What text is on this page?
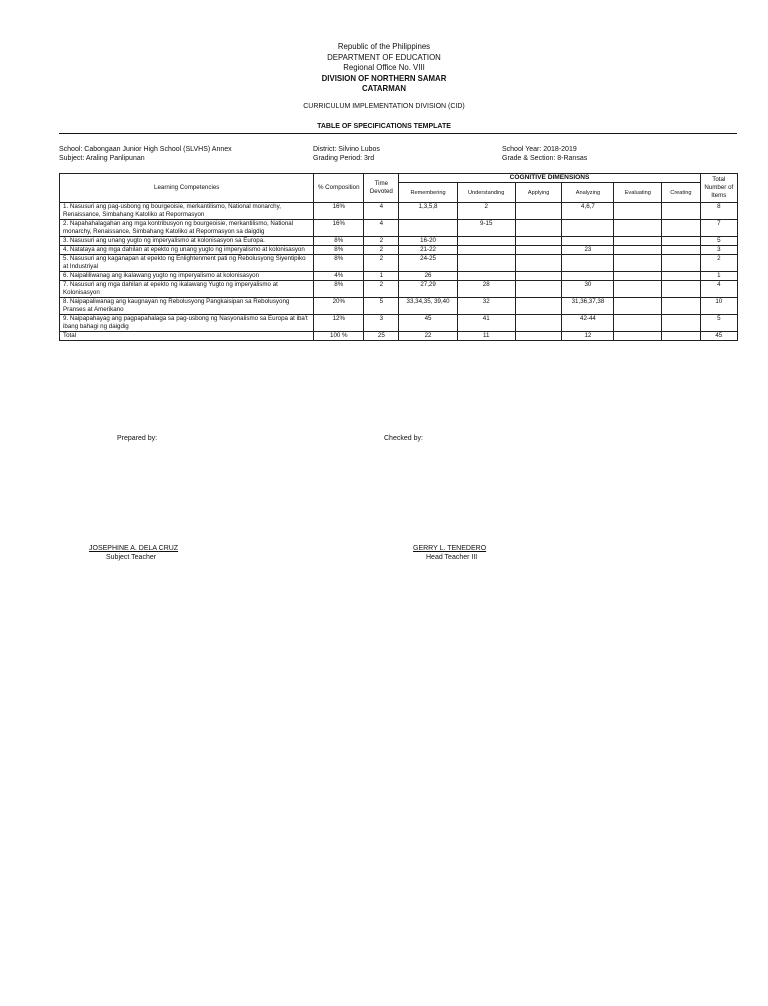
Republic of the Philippines
DEPARTMENT OF EDUCATION
Regional Office No. VIII
DIVISION OF NORTHERN SAMAR
CATARMAN
CURRICULUM IMPLEMENTATION DIVISION (CID)
TABLE OF SPECIFICATIONS TEMPLATE
School: Cabongaan Junior High School (SLVHS) Annex
Subject: Araling Panlipunan
District: Silvino Lubos
Grading Period: 3rd
School Year: 2018-2019
Grade & Section: 8-Ransas
Learning Competencies	% Composition	Time Devoted	COGNITIVE DIMENSIONS						Total Number of Items
			Remembering	Understanding	Applying	Analyzing	Evaluating	Creating	
1. Nasusuri ang pag-usbong ng bourgeoisie, merkantilismo, National monarchy, Renaissance, Simbahang Katoliko at Repormasyon	16%	4	1,3,5,8	2		4,6,7			8
2. Napahahalagahan ang mga kontribusyon ng bourgeoisie, merkantilismo, National monarchy, Renaissance, Simbahang Katoliko at Repormasyon sa daigdig	16%	4		9-15					7
3. Nasusuri ang unang yugto ng imperyalismo at kolonisasyon sa Europa.	8%	2	16-20						5
4. Natataya ang mga dahilan at epekto ng unang yugto ng imperyalismo at kolonisasyon	8%	2	21-22			23			3
5. Nasusuri ang kaganapan at epekto ng Enlightenment pati ng Rebolusyong Siyentipiko at Industriyal	8%	2	24-25						2
6. Naipaliliwanag ang ikalawang yugto ng imperyalismo at kolonisasyon	4%	1	26						1
7. Nasusuri ang mga dahilan at epekto ng ikalawang Yugto ng imperyalismo at Kolonisasyon	8%	2	27,29	28		30			4
8. Naipapaliwanag ang kaugnayan ng Rebolusyong Pangkaisipan sa Rebolusyong Pranses at Amerikano	20%	5	33,34,35, 39,40	32		31,36,37,38			10
9. Naipapahayag ang pagpapahalaga sa pag-usbong ng Nasyonalismo sa Europa at iba't ibang bahagi ng daigdig	12%	3	45	41		42-44			5
Total	100 %	25	22	11		12			45
Prepared by:	Checked by:
JOSEPHINE A. DELA CRUZ
Subject Teacher
GERRY L. TENEDERO
Head Teacher III
